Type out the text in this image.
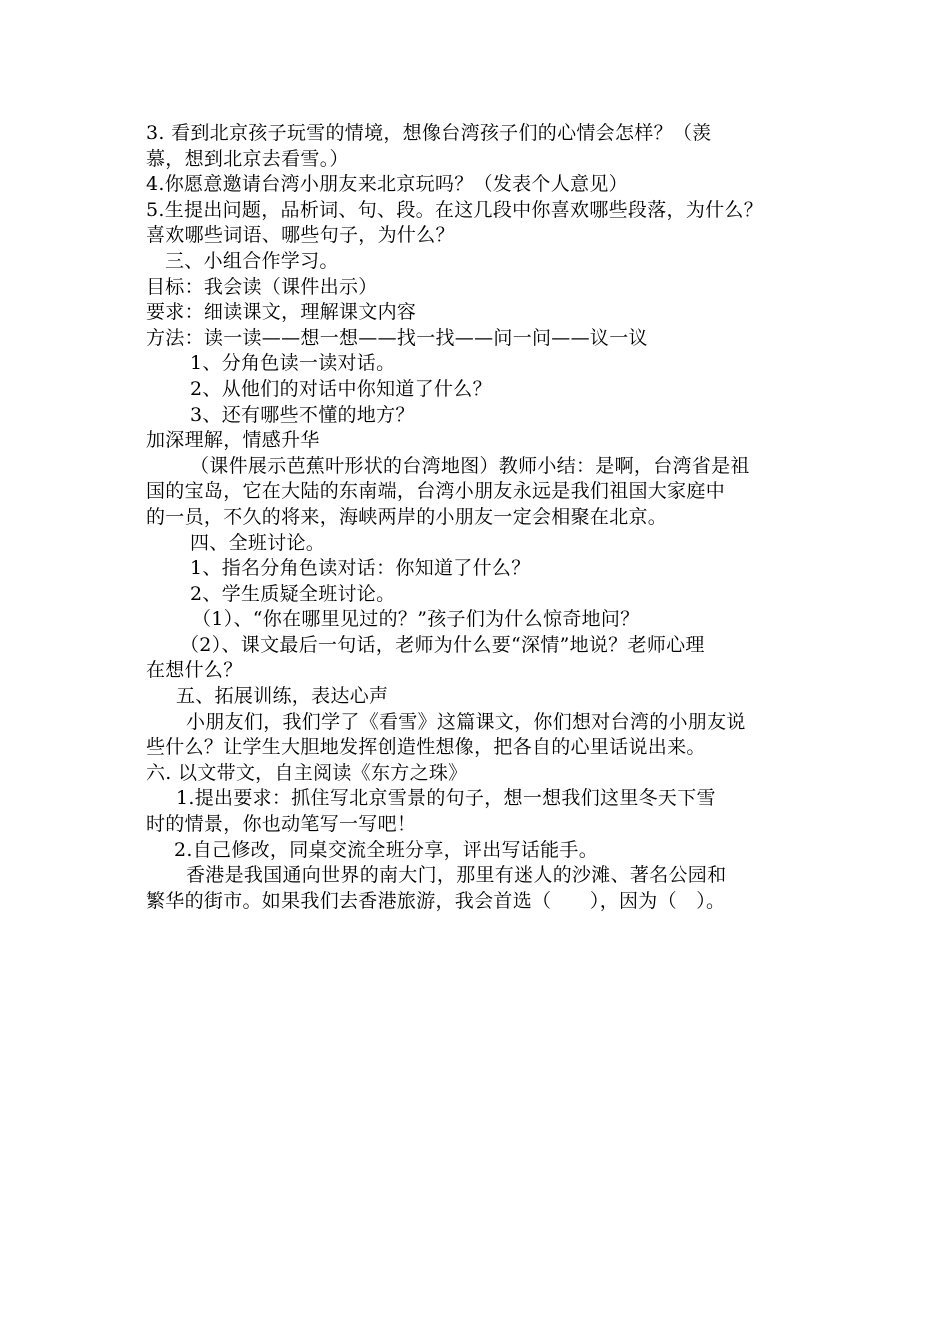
3. 看到北京孩子玩雪的情境，想像台湾孩子们的心情会怎样？（羡

慕，想到北京去看雪。）

4.你愿意邀请台湾小朋友来北京玩吗？（发表个人意见）

5.生提出问题，品析词、句、段。在这几段中你喜欢哪些段落，为什么？

喜欢哪些词语、哪些句子，为什么？

三、小组合作学习。

目标：我会读（课件出示）

要求：细读课文，理解课文内容

方法：读一读——想一想——找一找——问一问——议一议

1、分角色读一读对话。

2、从他们的对话中你知道了什么？

3、还有哪些不懂的地方？

加深理解，情感升华

（课件展示芭蕉叶形状的台湾地图）教师小结：是啊，台湾省是祖

国的宝岛，它在大陆的东南端，台湾小朋友永远是我们祖国大家庭中

的一员，不久的将来，海峡两岸的小朋友一定会相聚在北京。

四、全班讨论。

1、指名分角色读对话：你知道了什么？

2、学生质疑全班讨论。

（1）、“你在哪里见过的？”孩子们为什么惊奇地问？

（2）、课文最后一句话，老师为什么要“深情”地说？老师心理

在想什么？

五、拓展训练，表达心声

小朋友们，我们学了《看雪》这篇课文，你们想对台湾的小朋友说

些什么？让学生大胆地发挥创造性想像，把各自的心里话说出来。

六. 以文带文，自主阅读《东方之珠》

1.提出要求：抓住写北京雪景的句子，想一想我们这里冬天下雪

时的情景，你也动笔写一写吧！

2.自己修改，同桌交流全班分享，评出写话能手。

香港是我国通向世界的南大门，那里有迷人的沙滩、著名公园和

繁华的街市。如果我们去香港旅游，我会首选（　　），因为（　）。
